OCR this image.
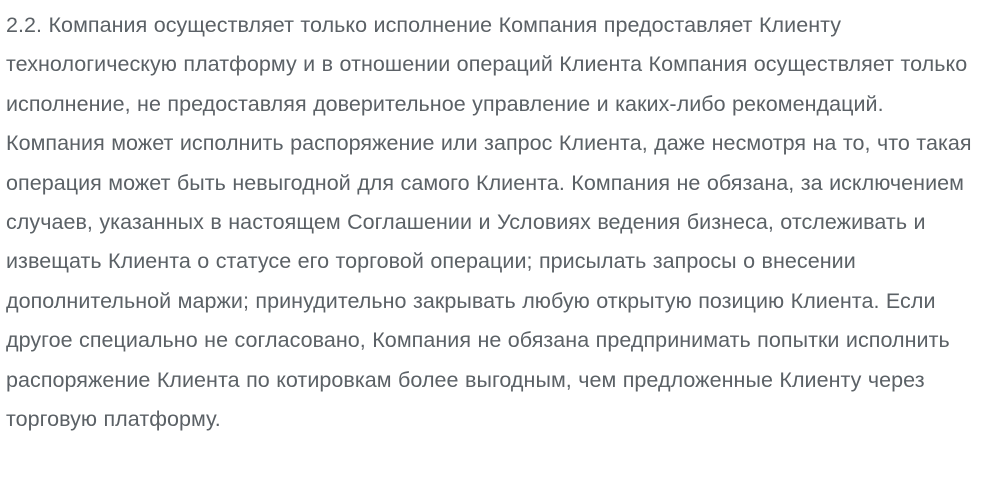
2.2. Компания осуществляет только исполнение Компания предоставляет Клиенту технологическую платформу и в отношении операций Клиента Компания осуществляет только исполнение, не предоставляя доверительное управление и каких-либо рекомендаций. Компания может исполнить распоряжение или запрос Клиента, даже несмотря на то, что такая операция может быть невыгодной для самого Клиента. Компания не обязана, за исключением случаев, указанных в настоящем Соглашении и Условиях ведения бизнеса, отслеживать и извещать Клиента о статусе его торговой операции; присылать запросы о внесении дополнительной маржи; принудительно закрывать любую открытую позицию Клиента. Если другое специально не согласовано, Компания не обязана предпринимать попытки исполнить распоряжение Клиента по котировкам более выгодным, чем предложенные Клиенту через торговую платформу.
